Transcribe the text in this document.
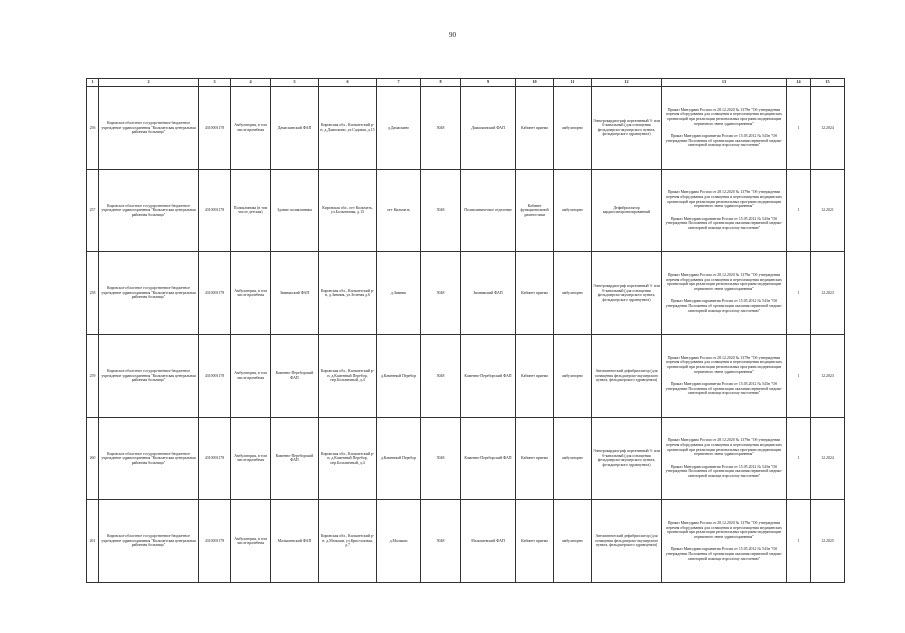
90
1	2	3	4	5	6	7	8	9	10	11	12	13	14	15
256	Кировское областное государственное бюджетное учреждение здравоохранения "Кильмезская центральная районная больница"	4310001178	Амбулатория, в том числе врачебная	Дамаскинский ФАП	Кировская обл., Кильмезский р-н, д.Дамаскино, ул.Садовая, д.15	д.Дамаскино	5048	Дамаскинский ФАП	Кабинет приема	амбулаторно	Электрокардиограф портативный 3- или 6-канальный (для оснащения фельдшерско-акушерского пункта, фельдшерского здравпункта)	Приказ Минздрава России от 28.12.2020 № 1379н "Об утверждении перечня оборудования для оснащения и переоснащения медицинских организаций при реализации региональных программ модернизации первичного звена здравоохранения"

Приказ Минздравсоцразвития России от 15.05.2012 № 543н "Об утверждении Положения об организации оказания первичной медико-санитарной помощи взрослому населению"	1	12.2024
257	Кировское областное государственное бюджетное учреждение здравоохранения "Кильмезская центральная районная больница"	4310001178	Поликлиника (в том числе детская)	Здание поликлиники	Кировская обл., пгт Кильмезь, ул.Больничная, д.15	пгт Кильмезь	5048	Поликлиническое отделение	Кабинет функциональной диагностики	амбулаторно	Дефибриллятор кардиосинхронизированный	Приказ Минздрава России от 28.12.2020 № 1379н "Об утверждении перечня оборудования для оснащения и переоснащения медицинских организаций при реализации региональных программ модернизации первичного звена здравоохранения"

Приказ Минздравсоцразвития России от 15.05.2012 № 543н "Об утверждении Положения об организации оказания первичной медико-санитарной помощи взрослому населению"	1	12.2021
258	Кировское областное государственное бюджетное учреждение здравоохранения "Кильмезская центральная районная больница"	4310001178	Амбулатория, в том числе врачебная	Зимнякский ФАП	Кировская обл., Кильмезский р-н, д.Зимник, ул.Зеленая д.6	д.Зимник	5048	Зимнякский ФАП	Кабинет приема	амбулаторно	Электрокардиограф портативный 3- или 6-канальный (для оснащения фельдшерско-акушерского пункта, фельдшерского здравпункта)	Приказ Минздрава России от 28.12.2020 № 1379н "Об утверждении перечня оборудования для оснащения и переоснащения медицинских организаций при реализации региональных программ модернизации первичного звена здравоохранения"

Приказ Минздравсоцразвития России от 15.05.2012 № 543н "Об утверждении Положения об организации оказания первичной медико-санитарной помощи взрослому населению"	1	12.2023
259	Кировское областное государственное бюджетное учреждение здравоохранения "Кильмезская центральная районная больница"	4310001178	Амбулатория, в том числе врачебная	Каменно-Переборский ФАП	Кировская обл., Кильмезский р-н, д.Каменный Перебор, пер.Больничный, д.4	д.Каменный Перебор	5048	Каменно-Переборский ФАП	Кабинет приема	амбулаторно	Автоматический дефибриллятор (для оснащения фельдшерско-акушерского пункта, фельдшерского здравпункта)	Приказ Минздрава России от 28.12.2020 № 1379н "Об утверждении перечня оборудования для оснащения и переоснащения медицинских организаций при реализации региональных программ модернизации первичного звена здравоохранения"

Приказ Минздравсоцразвития России от 15.05.2012 № 543н "Об утверждении Положения об организации оказания первичной медико-санитарной помощи взрослому населению"	1	12.2023
260	Кировское областное государственное бюджетное учреждение здравоохранения "Кильмезская центральная районная больница"	4310001178	Амбулатория, в том числе врачебная	Каменно-Переборский ФАП	Кировская обл., Кильмезский р-н, д.Каменный Перебор, пер.Больничный, д.4	д.Каменный Перебор	5048	Каменно-Переборский ФАП	Кабинет приема	амбулаторно	Электрокардиограф портативный 3- или 6-канальный (для оснащения фельдшерско-акушерского пункта, фельдшерского здравпункта)	Приказ Минздрава России от 28.12.2020 № 1379н "Об утверждении перечня оборудования для оснащения и переоснащения медицинских организаций при реализации региональных программ модернизации первичного звена здравоохранения"

Приказ Минздравсоцразвития России от 15.05.2012 № 543н "Об утверждении Положения об организации оказания первичной медико-санитарной помощи взрослому населению"	1	12.2024
261	Кировское областное государственное бюджетное учреждение здравоохранения "Кильмезская центральная районная больница"	4310001178	Амбулатория, в том числе врачебная	Малышевский ФАП	Кировская обл., Кильмезский р-н, д.Малыши, ул.Кристаловая, д.7	д.Малыши	5048	Малышевский ФАП	Кабинет приема	амбулаторно	Автоматический дефибриллятор (для оснащения фельдшерско-акушерского пункта, фельдшерского здравпункта)	Приказ Минздрава России от 28.12.2020 № 1379н "Об утверждении перечня оборудования для оснащения и переоснащения медицинских организаций при реализации региональных программ модернизации первичного звена здравоохранения"

Приказ Минздравсоцразвития России от 15.05.2012 № 543н "Об утверждении Положения об организации оказания первичной медико-санитарной помощи взрослому населению"	1	12.2025
